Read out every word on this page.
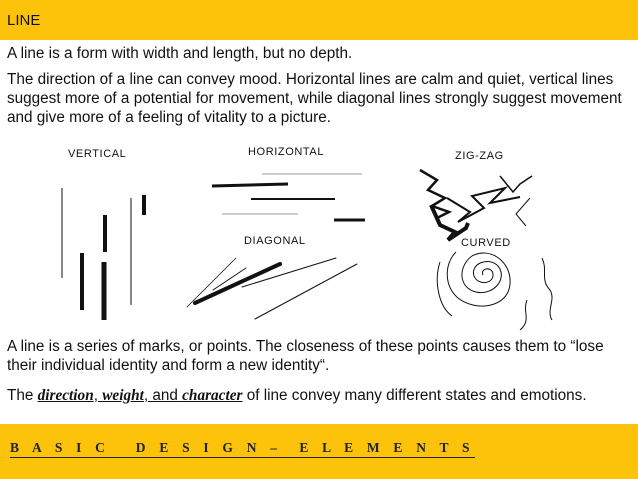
LINE

A line is a form with width and length, but no depth.

The direction of a line can convey mood. Horizontal lines are calm and quiet, vertical lines suggest more of a potential for movement, while diagonal lines strongly suggest movement and give more of a feeling of vitality to a picture.

VERTICAL	HORIZONTAL	ZIG-ZAG
DIAGONAL	CURVED

A line is a series of marks, or points. The closeness of these points causes them to “lose their individual identity and form a new identity“.

The direction, weight, and character of line convey many different states and emotions.

B A S I C   D E S I G N –  E L E M E N T S
